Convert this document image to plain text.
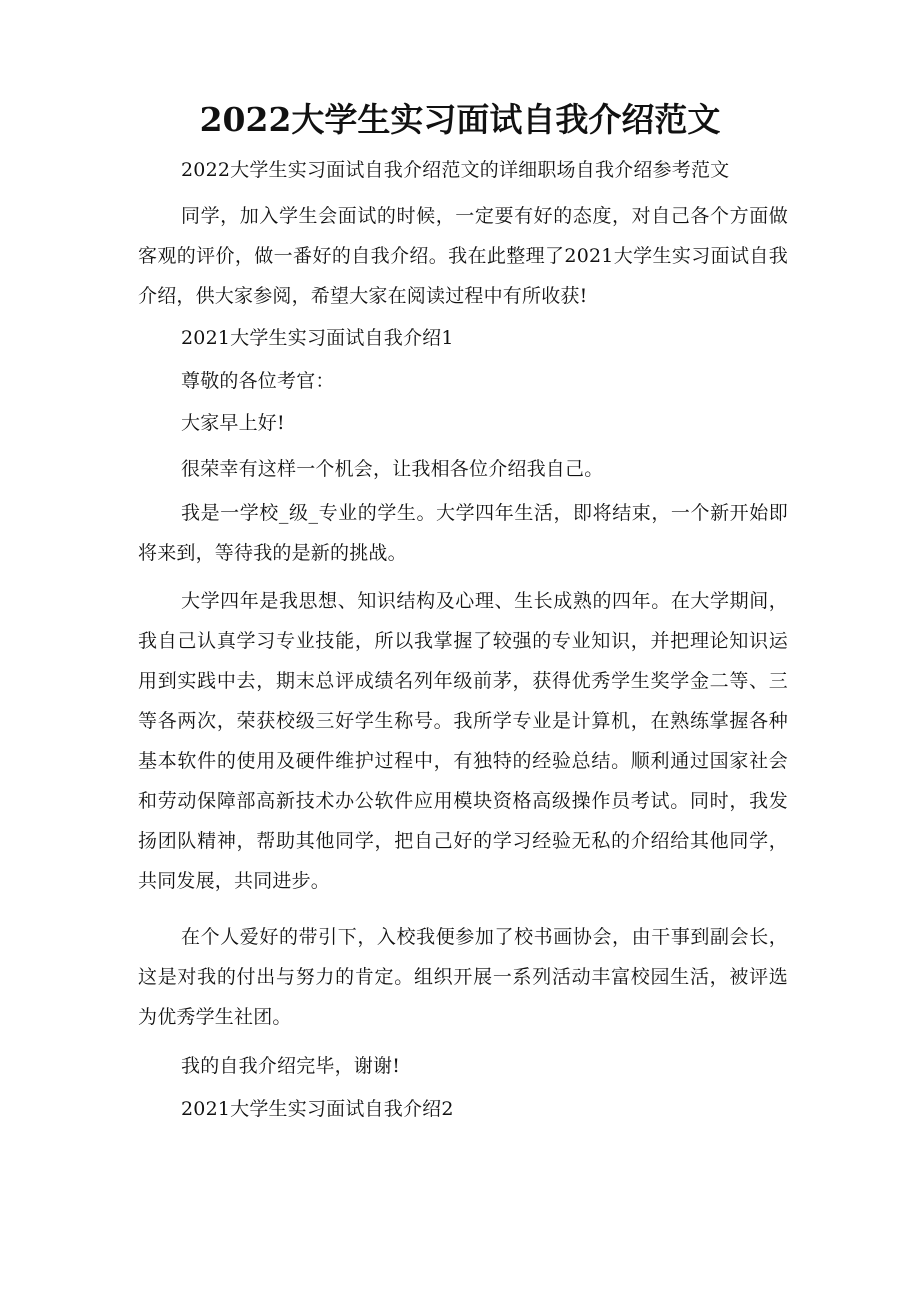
2022大学生实习面试自我介绍范文

2022大学生实习面试自我介绍范文的详细职场自我介绍参考范文

同学，加入学生会面试的时候，一定要有好的态度，对自己各个方面做客观的评价，做一番好的自我介绍。我在此整理了2021大学生实习面试自我介绍，供大家参阅，希望大家在阅读过程中有所收获!

2021大学生实习面试自我介绍1

尊敬的各位考官：

大家早上好!

很荣幸有这样一个机会，让我相各位介绍我自己。

我是一学校_级_专业的学生。大学四年生活，即将结束，一个新开始即将来到，等待我的是新的挑战。

大学四年是我思想、知识结构及心理、生长成熟的四年。在大学期间，我自己认真学习专业技能，所以我掌握了较强的专业知识，并把理论知识运用到实践中去，期末总评成绩名列年级前茅，获得优秀学生奖学金二等、三等各两次，荣获校级三好学生称号。我所学专业是计算机，在熟练掌握各种基本软件的使用及硬件维护过程中，有独特的经验总结。顺利通过国家社会和劳动保障部高新技术办公软件应用模块资格高级操作员考试。同时，我发扬团队精神，帮助其他同学，把自己好的学习经验无私的介绍给其他同学，共同发展，共同进步。

在个人爱好的带引下，入校我便参加了校书画协会，由干事到副会长，这是对我的付出与努力的肯定。组织开展一系列活动丰富校园生活，被评选为优秀学生社团。

我的自我介绍完毕，谢谢!

2021大学生实习面试自我介绍2
